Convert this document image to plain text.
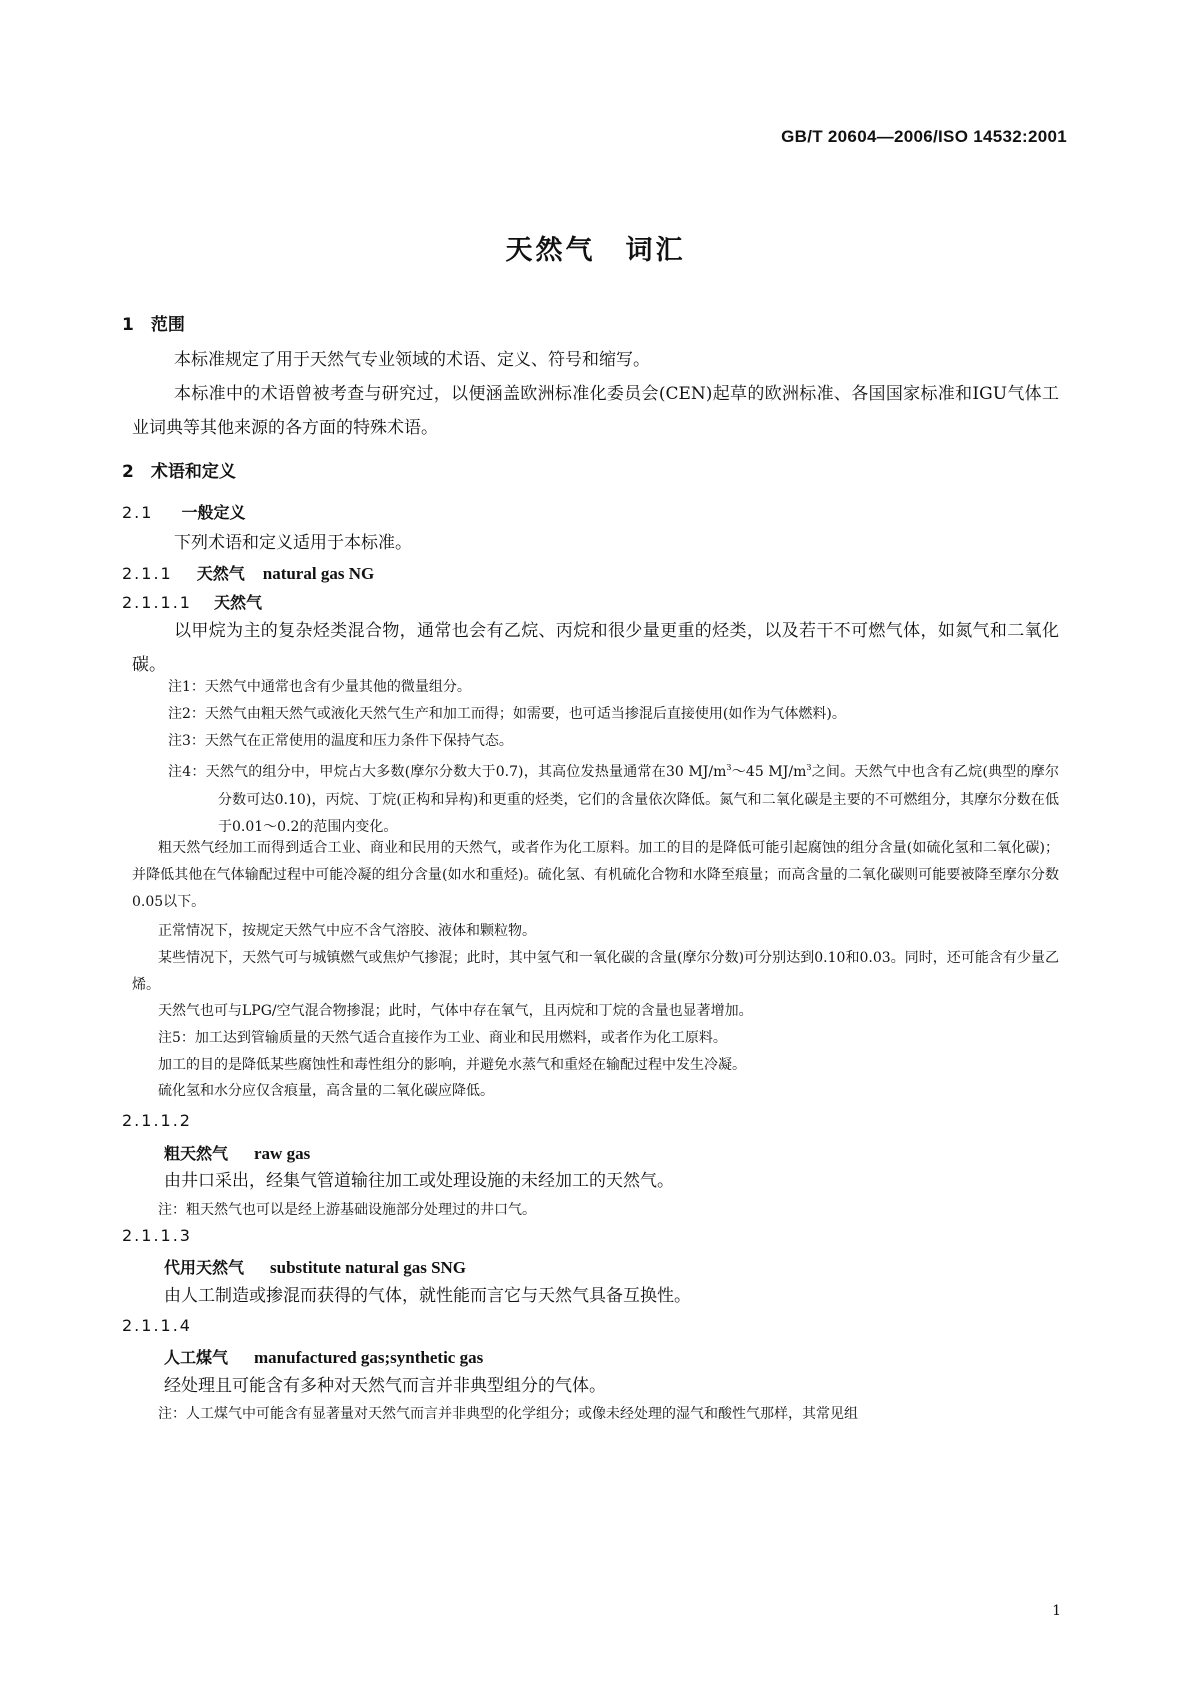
GB/T 20604—2006/ISO 14532:2001
天然气　词汇
1　范围
本标准规定了用于天然气专业领域的术语、定义、符号和缩写。
本标准中的术语曾被考查与研究过，以便涵盖欧洲标准化委员会(CEN)起草的欧洲标准、各国国家标准和IGU气体工业词典等其他来源的各方面的特殊术语。
2　术语和定义
2.1 一般定义
下列术语和定义适用于本标准。
2.1.1 天然气 natural gas NG
2.1.1.1 天然气
以甲烷为主的复杂烃类混合物，通常也会有乙烷、丙烷和很少量更重的烃类，以及若干不可燃气体，如氮气和二氧化碳。
注1：天然气中通常也含有少量其他的微量组分。
注2：天然气由粗天然气或液化天然气生产和加工而得；如需要，也可适当掺混后直接使用(如作为气体燃料)。
注3：天然气在正常使用的温度和压力条件下保持气态。
注4：天然气的组分中，甲烷占大多数(摩尔分数大于0.7)，其高位发热量通常在30 $MJ/m^3\sim 45$ $MJ/m^3$之间。天然气中也含有乙烷(典型的摩尔分数可达0.10)，丙烷、丁烷(正构和异构)和更重的烃类，它们的含量依次降低。氮气和二氧化碳是主要的不可燃组分，其摩尔分数在低于0.01～0.2的范围内变化。
粗天然气经加工而得到适合工业、商业和民用的天然气，或者作为化工原料。加工的目的是降低可能引起腐蚀的组分含量(如硫化氢和二氧化碳)；并降低其他在气体输配过程中可能冷凝的组分含量(如水和重烃)。硫化氢、有机硫化合物和水降至痕量；而高含量的二氧化碳则可能要被降至摩尔分数0.05以下。
正常情况下，按规定天然气中应不含气溶胶、液体和颗粒物。
某些情况下，天然气可与城镇燃气或焦炉气掺混；此时，其中氢气和一氧化碳的含量(摩尔分数)可分别达到0.10和0.03。同时，还可能含有少量乙烯。
天然气也可与LPG/空气混合物掺混；此时，气体中存在氧气，且丙烷和丁烷的含量也显著增加。
注5：加工达到管输质量的天然气适合直接作为工业、商业和民用燃料，或者作为化工原料。
加工的目的是降低某些腐蚀性和毒性组分的影响，并避免水蒸气和重烃在输配过程中发生冷凝。
硫化氢和水分应仅含痕量，高含量的二氧化碳应降低。
2.1.1.2
粗天然气 raw gas
由井口采出，经集气管道输往加工或处理设施的未经加工的天然气。
注：粗天然气也可以是经上游基础设施部分处理过的井口气。
2.1.1.3
代用天然气 substitute natural gas SNG
由人工制造或掺混而获得的气体，就性能而言它与天然气具备互换性。
2.1.1.4
人工煤气 manufactured gas;synthetic gas
经处理且可能含有多种对天然气而言并非典型组分的气体。
注：人工煤气中可能含有显著量对天然气而言并非典型的化学组分；或像未经处理的湿气和酸性气那样，其常见组
1
